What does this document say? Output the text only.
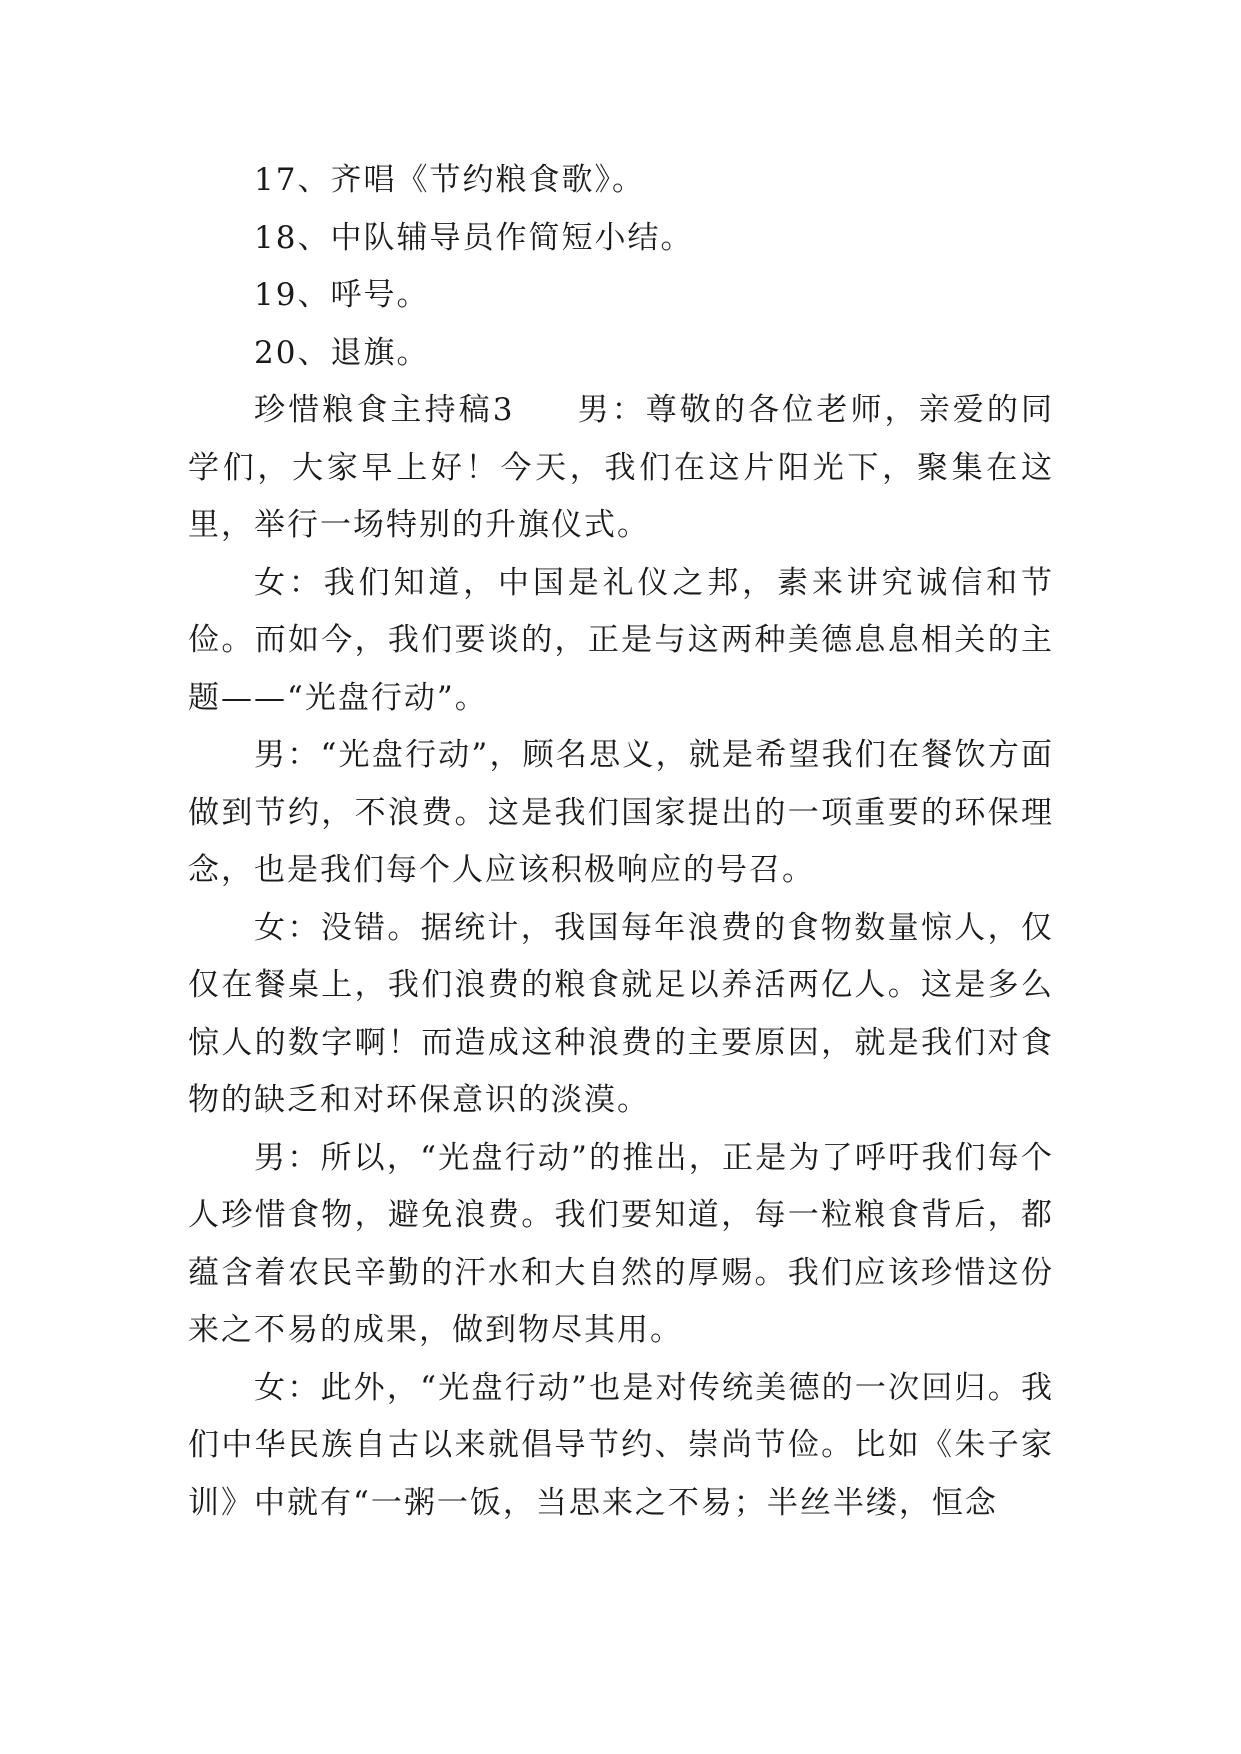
17、齐唱《节约粮食歌》。

18、中队辅导员作简短小结。

19、呼号。

20、退旗。

珍惜粮食主持稿3 男：尊敬的各位老师，亲爱的同学们，大家早上好！今天，我们在这片阳光下，聚集在这里，举行一场特别的升旗仪式。

女：我们知道，中国是礼仪之邦，素来讲究诚信和节俭。而如今，我们要谈的，正是与这两种美德息息相关的主题——“光盘行动”。

男：“光盘行动”，顾名思义，就是希望我们在餐饮方面做到节约，不浪费。这是我们国家提出的一项重要的环保理念，也是我们每个人应该积极响应的号召。

女：没错。据统计，我国每年浪费的食物数量惊人，仅仅在餐桌上，我们浪费的粮食就足以养活两亿人。这是多么惊人的数字啊！而造成这种浪费的主要原因，就是我们对食物的缺乏和对环保意识的淡漠。

男：所以，“光盘行动”的推出，正是为了呼吁我们每个人珍惜食物，避免浪费。我们要知道，每一粒粮食背后，都蕴含着农民辛勤的汗水和大自然的厚赐。我们应该珍惜这份来之不易的成果，做到物尽其用。

女：此外，“光盘行动”也是对传统美德的一次回归。我们中华民族自古以来就倡导节约、崇尚节俭。比如《朱子家训》中就有“一粥一饭，当思来之不易；半丝半缕，恒念
